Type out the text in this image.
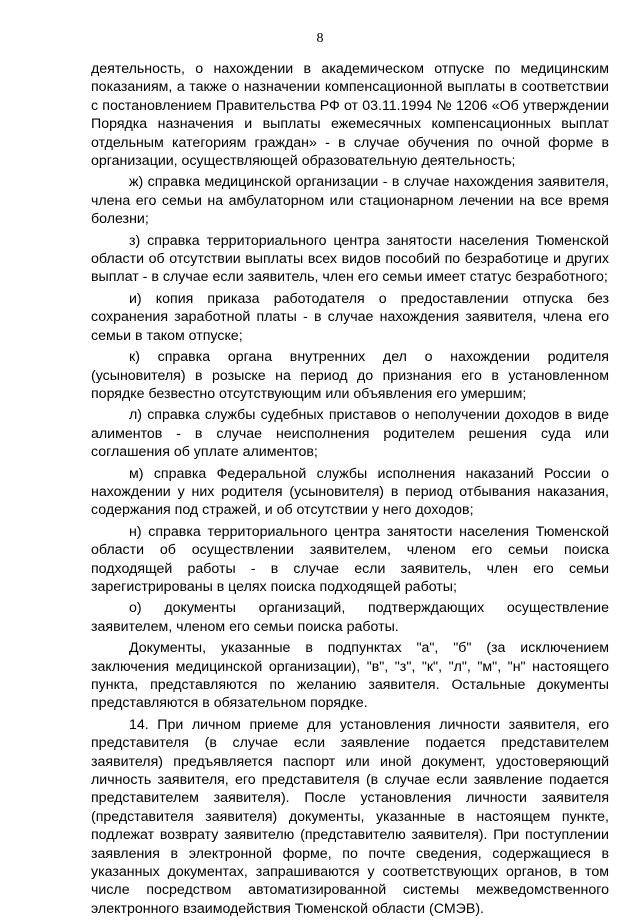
8

деятельность, о нахождении в академическом отпуске по медицинским показаниям, а также о назначении компенсационной выплаты в соответствии с постановлением Правительства РФ от 03.11.1994 № 1206 «Об утверждении Порядка назначения и выплаты ежемесячных компенсационных выплат отдельным категориям граждан» - в случае обучения по очной форме в организации, осуществляющей образовательную деятельность;

ж) справка медицинской организации - в случае нахождения заявителя, члена его семьи на амбулаторном или стационарном лечении на все время болезни;

з) справка территориального центра занятости населения Тюменской области об отсутствии выплаты всех видов пособий по безработице и других выплат - в случае если заявитель, член его семьи имеет статус безработного;

и) копия приказа работодателя о предоставлении отпуска без сохранения заработной платы - в случае нахождения заявителя, члена его семьи в таком отпуске;

к) справка органа внутренних дел о нахождении родителя (усыновителя) в розыске на период до признания его в установленном порядке безвестно отсутствующим или объявления его умершим;

л) справка службы судебных приставов о неполучении доходов в виде алиментов - в случае неисполнения родителем решения суда или соглашения об уплате алиментов;

м) справка Федеральной службы исполнения наказаний России о нахождении у них родителя (усыновителя) в период отбывания наказания, содержания под стражей, и об отсутствии у него доходов;

н) справка территориального центра занятости населения Тюменской области об осуществлении заявителем, членом его семьи поиска подходящей работы - в случае если заявитель, член его семьи зарегистрированы в целях поиска подходящей работы;

о) документы организаций, подтверждающих осуществление заявителем, членом его семьи поиска работы.

Документы, указанные в подпунктах "а", "б" (за исключением заключения медицинской организации), "в", "з", "к", "л", "м", "н" настоящего пункта, представляются по желанию заявителя. Остальные документы представляются в обязательном порядке.

14. При личном приеме для установления личности заявителя, его представителя (в случае если заявление подается представителем заявителя) предъявляется паспорт или иной документ, удостоверяющий личность заявителя, его представителя (в случае если заявление подается представителем заявителя). После установления личности заявителя (представителя заявителя) документы, указанные в настоящем пункте, подлежат возврату заявителю (представителю заявителя). При поступлении заявления в электронной форме, по почте сведения, содержащиеся в указанных документах, запрашиваются у соответствующих органов, в том числе посредством автоматизированной системы межведомственного электронного взаимодействия Тюменской области (СМЭВ).
